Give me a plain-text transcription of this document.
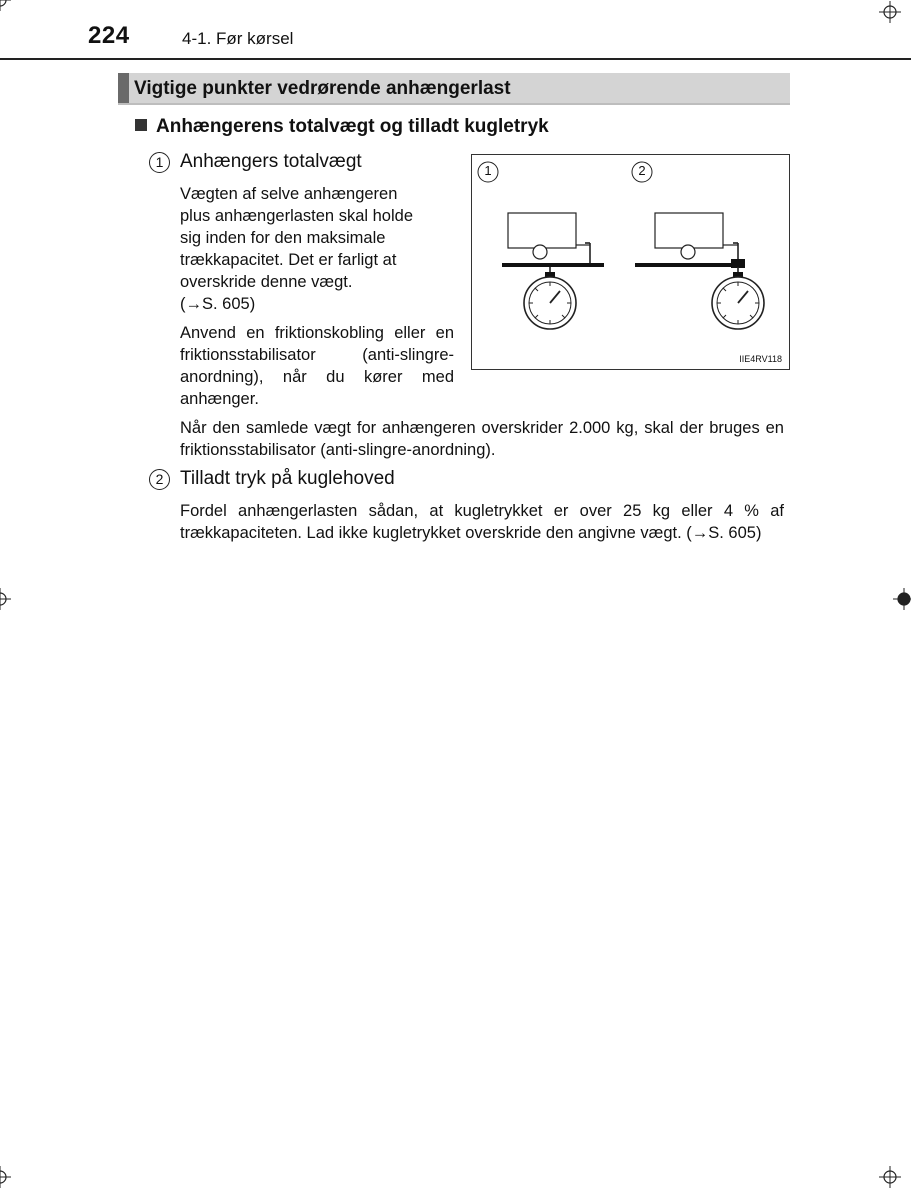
224	4-1. Før kørsel
Vigtige punkter vedrørende anhængerlast
Anhængerens totalvægt og tilladt kugletryk
1 Anhængers totalvægt
Vægten af selve anhængeren
plus anhængerlasten skal holde
sig inden for den maksimale
trækkapacitet. Det er farligt at
overskride denne vægt.
(→S. 605)
Anvend en friktionskobling eller en friktionsstabilisator (anti-slingre-anordning), når du kører med anhænger.
Når den samlede vægt for anhængeren overskrider 2.000 kg, skal der bruges en friktionsstabilisator (anti-slingre-anordning).
1	2
IIE4RV118
2 Tilladt tryk på kuglehoved
Fordel anhængerlasten sådan, at kugletrykket er over 25 kg eller 4 % af trækkapaciteten. Lad ikke kugletrykket overskride den angivne vægt. (→S. 605)
